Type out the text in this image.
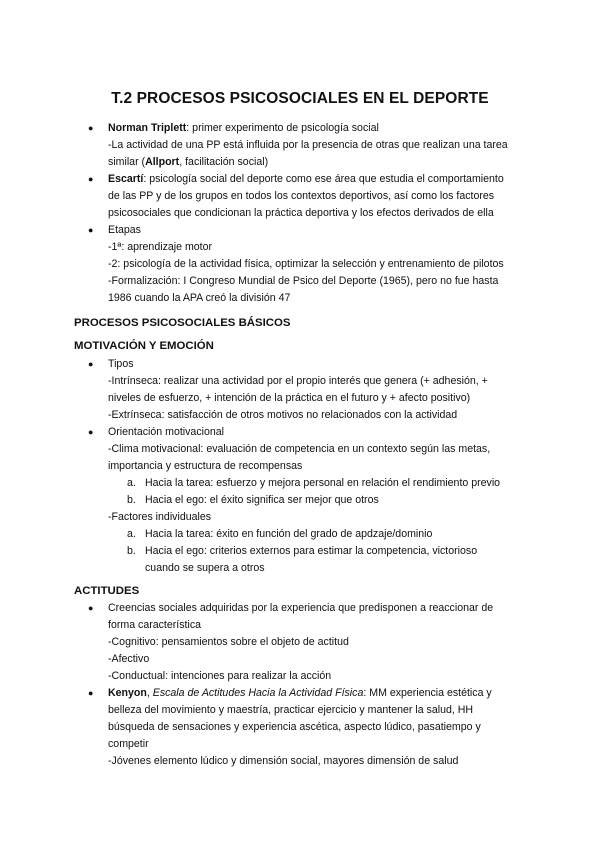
T.2 PROCESOS PSICOSOCIALES EN EL DEPORTE
●	Norman Triplett: primer experimento de psicología social
-La actividad de una PP está influida por la presencia de otras que realizan una tarea
similar (Allport, facilitación social)
●	Escartí: psicología social del deporte como ese área que estudia el comportamiento
de las PP y de los grupos en todos los contextos deportivos, así como los factores
psicosociales que condicionan la práctica deportiva y los efectos derivados de ella
●	Etapas
-1ª: aprendizaje motor
-2: psicología de la actividad física, optimizar la selección y entrenamiento de pilotos
-Formalización: I Congreso Mundial de Psico del Deporte (1965), pero no fue hasta
1986 cuando la APA creó la división 47
PROCESOS PSICOSOCIALES BÁSICOS
MOTIVACIÓN Y EMOCIÓN
●	Tipos
-Intrínseca: realizar una actividad por el propio interés que genera (+ adhesión, +
niveles de esfuerzo, + intención de la práctica en el futuro y + afecto positivo)
-Extrínseca: satisfacción de otros motivos no relacionados con la actividad
●	Orientación motivacional
-Clima motivacional: evaluación de competencia en un contexto según las metas,
importancia y estructura de recompensas
a. Hacia la tarea: esfuerzo y mejora personal en relación el rendimiento previo
b. Hacia el ego: el éxito significa ser mejor que otros
-Factores individuales
a. Hacia la tarea: éxito en función del grado de apdzaje/dominio
b. Hacia el ego: criterios externos para estimar la competencia, victorioso
cuando se supera a otros
ACTITUDES
●	Creencias sociales adquiridas por la experiencia que predisponen a reaccionar de
forma característica
-Cognitivo: pensamientos sobre el objeto de actitud
-Afectivo
-Conductual: intenciones para realizar la acción
●	Kenyon, Escala de Actitudes Hacia la Actividad Física: MM experiencia estética y
belleza del movimiento y maestría, practicar ejercicio y mantener la salud, HH
búsqueda de sensaciones y experiencia ascética, aspecto lúdico, pasatiempo y
competir
-Jóvenes elemento lúdico y dimensión social, mayores dimensión de salud
